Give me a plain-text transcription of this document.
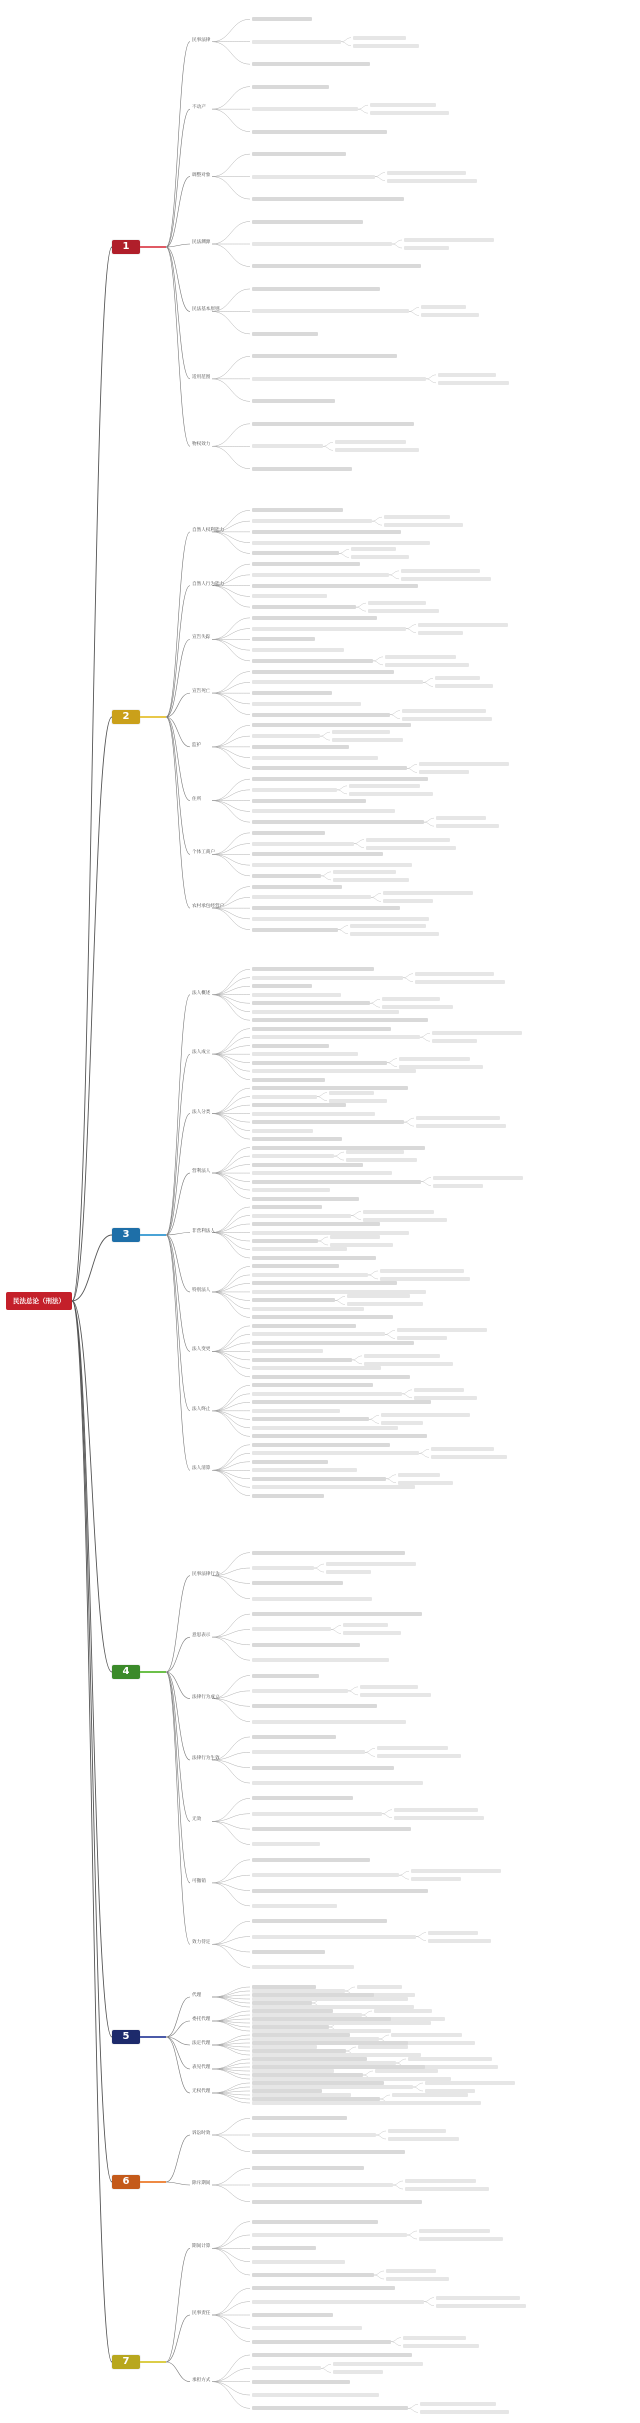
民法总论（刑法）
1
民事法律
不动产
调整对象
民法渊源
民法基本原则
适用范围
物权效力
2
自然人权利能力
自然人行为能力
宣告失踪
宣告死亡
监护
住所
个体工商户
农村承包经营户
3
法人概述
法人成立
法人分类
营利法人
非营利法人
特别法人
法人变更
法人终止
法人清算
4
民事法律行为
意思表示
法律行为成立
法律行为生效
无效
可撤销
效力待定
5
代理
委托代理
法定代理
表见代理
无权代理
6
诉讼时效
除斥期间
7
期间计算
民事责任
承担方式
